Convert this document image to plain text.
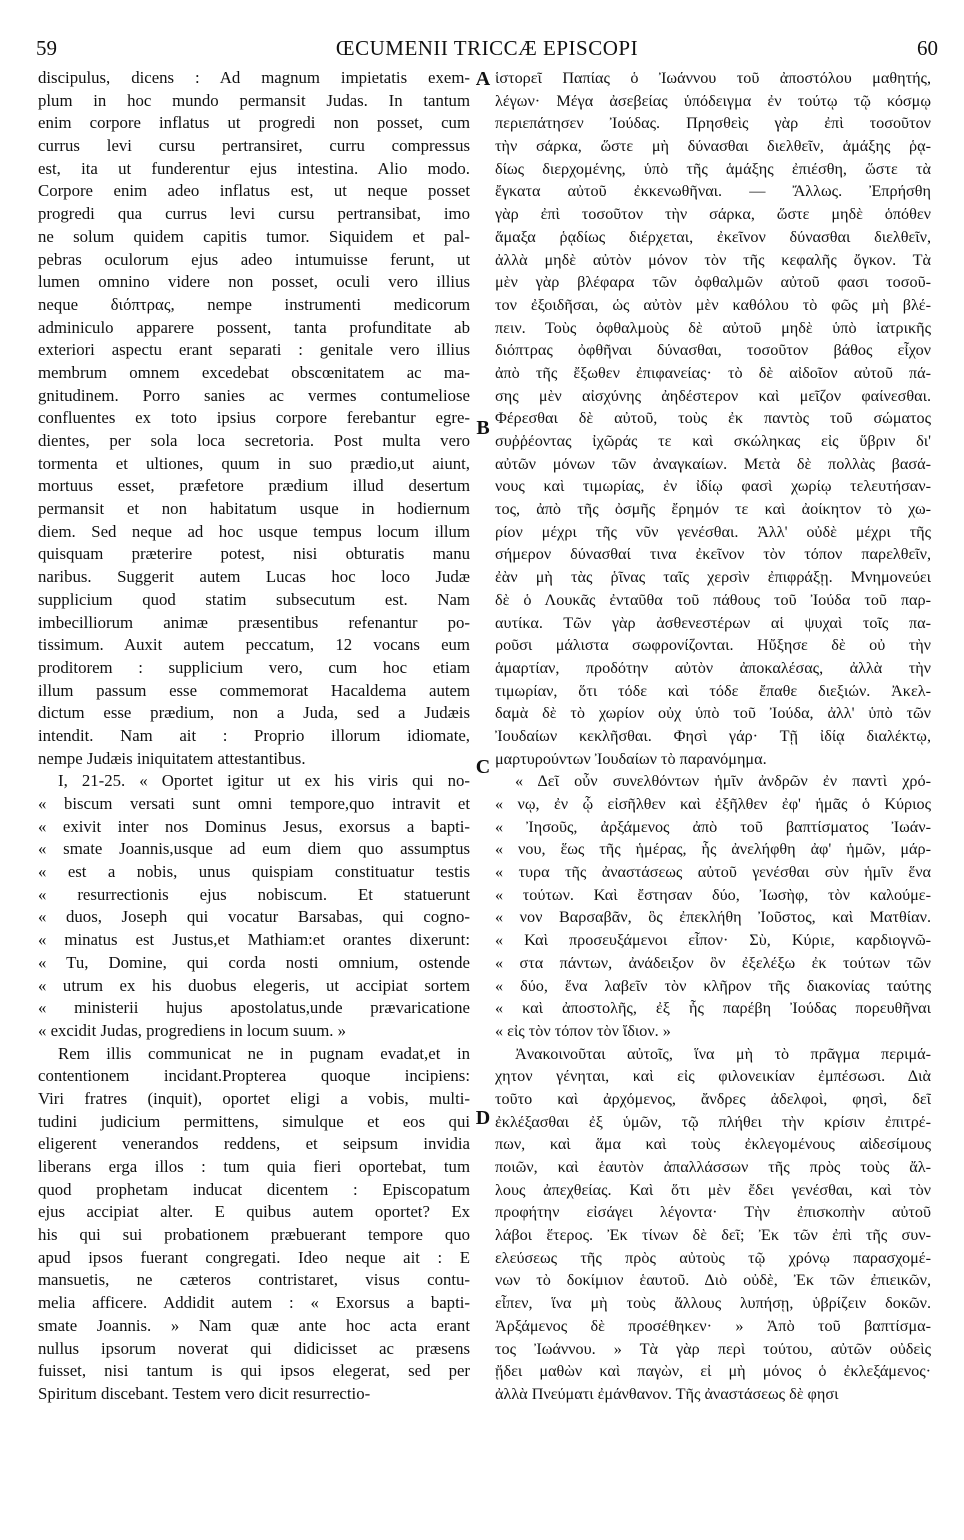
59	ŒCUMENII TRICCÆ EPISCOPI	60
discipulus, dicens : Ad magnum impietatis exem-
plum in hoc mundo permansit Judas. In tantum
enim corpore inflatus ut progredi non posset, cum
currus levi cursu pertransiret, curru compressus
est, ita ut funderentur ejus intestina. Alio modo.
Corpore enim adeo inflatus est, ut neque posset
progredi qua currus levi cursu pertransibat, imo
ne solum quidem capitis tumor. Siquidem et pal-
pebras oculorum ejus adeo intumuisse ferunt, ut
lumen omnino videre non posset, oculi vero illius
neque διόπτρας, nempe instrumenti medicorum
adminiculo apparere possent, tanta profunditate ab
exteriori aspectu erant separati : genitale vero illius
membrum omnem excedebat obscœnitatem ac ma-
gnitudinem. Porro sanies ac vermes contumeliose
confluentes ex toto ipsius corpore ferebantur egre-
dientes, per sola loca secretoria. Post multa vero
tormenta et ultiones, quum in suo prædio,ut aiunt,
mortuus esset, præfetore prædium illud desertum
permansit et non habitatum usque in hodiernum
diem. Sed neque ad hoc usque tempus locum illum
quisquam præterire potest, nisi obturatis manu
naribus. Suggerit autem Lucas hoc loco Judæ
supplicium quod statim subsecutum est. Nam
imbecilliorum animæ præsentibus refenantur po-
tissimum. Auxit autem peccatum, 12 vocans eum
proditorem : supplicium vero, cum hoc etiam
illum passum esse commemorat Hacaldema autem
dictum esse prædium, non a Juda, sed a Judæis
intendit. Nam ait : Proprio illorum idiomate,
nempe Judæis iniquitatem attestantibus.
I, 21-25. « Oportet igitur ut ex his viris qui no-
« biscum versati sunt omni tempore,quo intravit et
« exivit inter nos Dominus Jesus, exorsus a bapti-
« smate Joannis,usque ad eum diem quo assumptus
« est a nobis, unus quispiam constituatur testis
« resurrectionis ejus nobiscum. Et statuerunt
« duos, Joseph qui vocatur Barsabas, qui cogno-
« minatus est Justus,et Mathiam:et orantes dixerunt:
« Tu, Domine, qui corda nosti omnium, ostende
« utrum ex his duobus elegeris, ut accipiat sortem
« ministerii hujus apostolatus,unde prævaricatione
« excidit Judas, progrediens in locum suum. »
Rem illis communicat ne in pugnam evadat,et in
contentionem incidant.Propterea quoque incipiens:
Viri fratres (inquit), oportet eligi a vobis, multi-
tudini judicium permittens, simulque et eos qui
eligerent venerandos reddens, et seipsum invidia
liberans erga illos : tum quia fieri oportebat, tum
quod prophetam inducat dicentem : Episcopatum
ejus accipiat alter. E quibus autem oportet? Ex
his qui sui probationem præbuerant tempore quo
apud ipsos fuerant congregati. Ideo neque ait : E
mansuetis, ne cæteros contristaret, visus contu-
melia afficere. Addidit autem : « Exorsus a bapti-
smate Joannis. » Nam quæ ante hoc acta erant
nullus ipsorum noverat qui didicisset ac præsens
fuisset, nisi tantum is qui ipsos elegerat, sed per
Spiritum discebant. Testem vero dicit resurrectio-
ἱστορεῖ Παπίας ὁ Ἰωάννου τοῦ ἀποστόλου μαθητής,
λέγων· Μέγα ἀσεβείας ὑπόδειγμα ἐν τούτῳ τῷ κόσμῳ
περιεπάτησεν Ἰούδας. Πρησθεὶς γὰρ ἐπὶ τοσοῦτον
τὴν σάρκα, ὥστε μὴ δύνασθαι διελθεῖν, ἁμάξης ῥᾳ-
δίως διερχομένης, ὑπὸ τῆς ἁμάξης ἐπιέσθη, ὥστε τὰ
ἔγκατα αὐτοῦ ἐκκενωθῆναι. — Ἄλλως. Ἐπρήσθη
γὰρ ἐπὶ τοσοῦτον τὴν σάρκα, ὥστε μηδὲ ὁπόθεν
ἅμαξα ῥᾳδίως διέρχεται, ἐκεῖνον δύνασθαι διελθεῖν,
ἀλλὰ μηδὲ αὐτὸν μόνον τὸν τῆς κεφαλῆς ὄγκον. Τὰ
μὲν γὰρ βλέφαρα τῶν ὀφθαλμῶν αὐτοῦ φασι τοσοῦ-
τον ἐξοιδῆσαι, ὡς αὐτὸν μὲν καθόλου τὸ φῶς μὴ βλέ-
πειν. Τοὺς ὀφθαλμοὺς δὲ αὐτοῦ μηδὲ ὑπὸ ἰατρικῆς
διόπτρας ὀφθῆναι δύνασθαι, τοσοῦτον βάθος εἶχον
ἀπὸ τῆς ἔξωθεν ἐπιφανείας· τὸ δὲ αἰδοῖον αὐτοῦ πά-
σης μὲν αἰσχύνης ἀηδέστερον καὶ μεῖζον φαίνεσθαι.
Φέρεσθαι δὲ αὐτοῦ, τοὺς ἐκ παντὸς τοῦ σώματος
συῤῥέοντας ἰχῶράς τε καὶ σκώληκας εἰς ὕβριν δι'
αὐτῶν μόνων τῶν ἀναγκαίων. Μετὰ δὲ πολλὰς βασά-
νους καὶ τιμωρίας, ἐν ἰδίῳ φασὶ χωρίῳ τελευτήσαν-
τος, ἀπὸ τῆς ὀσμῆς ἔρημόν τε καὶ ἀοίκητον τὸ χω-
ρίον μέχρι τῆς νῦν γενέσθαι. Ἀλλ' οὐδὲ μέχρι τῆς
σήμερον δύνασθαί τινα ἐκεῖνον τὸν τόπον παρελθεῖν,
ἐὰν μὴ τὰς ῥῖνας ταῖς χερσὶν ἐπιφράξῃ. Μνημονεύει
δὲ ὁ Λουκᾶς ἐνταῦθα τοῦ πάθους τοῦ Ἰούδα τοῦ παρ-
αυτίκα. Τῶν γὰρ ἀσθενεστέρων αἱ ψυχαὶ τοῖς πα-
ροῦσι μάλιστα σωφρονίζονται. Ηὔξησε δὲ οὐ τὴν
ἁμαρτίαν, προδότην αὐτὸν ἀποκαλέσας, ἀλλὰ τὴν
τιμωρίαν, ὅτι τόδε καὶ τόδε ἔπαθε διεξιών. Ἀκελ-
δαμὰ δὲ τὸ χωρίον οὐχ ὑπὸ τοῦ Ἰούδα, ἀλλ' ὑπὸ τῶν
Ἰουδαίων κεκλῆσθαι. Φησὶ γάρ· Τῇ ἰδίᾳ διαλέκτῳ,
μαρτυρούντων Ἰουδαίων τὸ παρανόμημα.
« Δεῖ οὖν συνελθόντων ἡμῖν ἀνδρῶν ἐν παντὶ χρό-
« νῳ, ἐν ᾧ εἰσῆλθεν καὶ ἐξῆλθεν ἐφ' ἡμᾶς ὁ Κύριος
« Ἰησοῦς, ἀρξάμενος ἀπὸ τοῦ βαπτίσματος Ἰωάν-
« νου, ἕως τῆς ἡμέρας, ἧς ἀνελήφθη ἀφ' ἡμῶν, μάρ-
« τυρα τῆς ἀναστάσεως αὐτοῦ γενέσθαι σὺν ἡμῖν ἕνα
« τούτων. Καὶ ἔστησαν δύο, Ἰωσὴφ, τὸν καλούμε-
« νον Βαρσαβᾶν, ὃς ἐπεκλήθη Ἰοῦστος, καὶ Ματθίαν.
« Καὶ προσευξάμενοι εἶπον· Σὺ, Κύριε, καρδιογνῶ-
« στα πάντων, ἀνάδειξον ὃν ἐξελέξω ἐκ τούτων τῶν
« δύο, ἕνα λαβεῖν τὸν κλῆρον τῆς διακονίας ταύτης
« καὶ ἀποστολῆς, ἐξ ἧς παρέβη Ἰούδας πορευθῆναι
« εἰς τὸν τόπον τὸν ἴδιον. »
Ἀνακοινοῦται αὐτοῖς, ἵνα μὴ τὸ πρᾶγμα περιμά-
χητον γένηται, καὶ εἰς φιλονεικίαν ἐμπέσωσι. Διὰ
τοῦτο καὶ ἀρχόμενος, ἄνδρες ἀδελφοὶ, φησὶ, δεῖ
ἐκλέξασθαι ἐξ ὑμῶν, τῷ πλήθει τὴν κρίσιν ἐπιτρέ-
πων, καὶ ἅμα καὶ τοὺς ἐκλεγομένους αἰδεσίμους
ποιῶν, καὶ ἑαυτὸν ἀπαλλάσσων τῆς πρὸς τοὺς ἄλ-
λους ἀπεχθείας. Καὶ ὅτι μὲν ἔδει γενέσθαι, καὶ τὸν
προφήτην εἰσάγει λέγοντα· Τὴν ἐπισκοπὴν αὐτοῦ
λάβοι ἕτερος. Ἐκ τίνων δὲ δεῖ; Ἐκ τῶν ἐπὶ τῆς συν-
ελεύσεως τῆς πρὸς αὐτοὺς τῷ χρόνῳ παρασχομέ-
νων τὸ δοκίμιον ἑαυτοῦ. Διὸ οὐδὲ, Ἐκ τῶν ἐπιεικῶν,
εἶπεν, ἵνα μὴ τοὺς ἄλλους λυπήσῃ, ὑβρίζειν δοκῶν.
Ἀρξάμενος δὲ προσέθηκεν· » Ἀπὸ τοῦ βαπτίσμα-
τος Ἰωάννου. » Τὰ γὰρ περὶ τούτου, αὐτῶν οὐδεὶς
ᾔδει μαθὼν καὶ παγὼν, εἰ μὴ μόνος ὁ ἐκλεξάμενος·
ἀλλὰ Πνεύματι ἐμάνθανον. Τῆς ἀναστάσεως δὲ φησι
A
B
C
D
